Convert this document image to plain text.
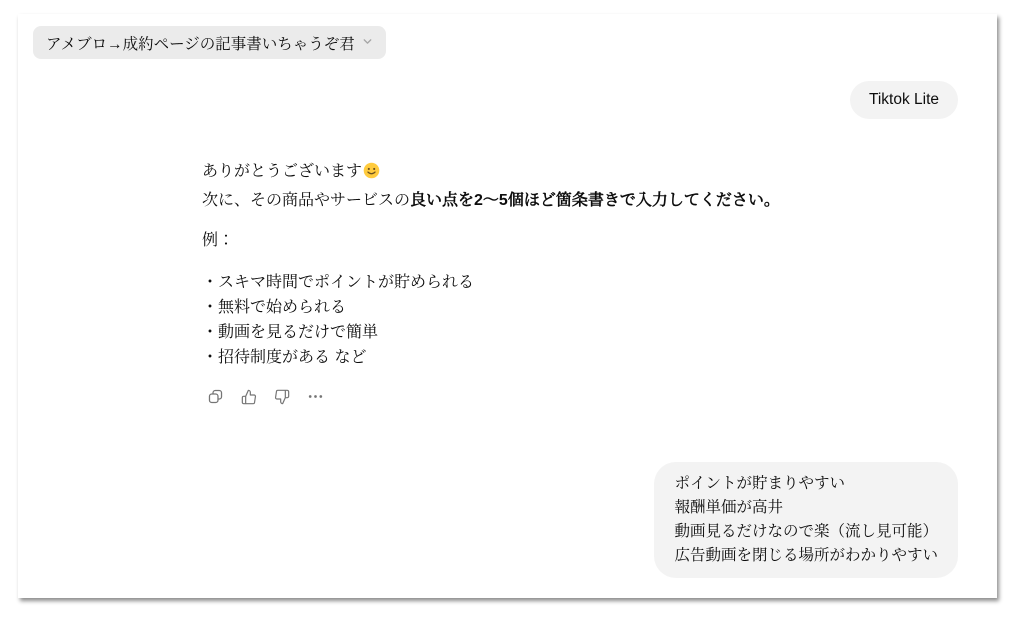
アメブロ→成約ページの記事書いちゃうぞ君
Tiktok Lite

ありがとうございます

次に、その商品やサービスの良い点を2〜5個ほど箇条書きで入力してください。

例：

・スキマ時間でポイントが貯められる
・無料で始められる
・動画を見るだけで簡単
・招待制度がある など
ポイントが貯まりやすい
報酬単価が高井
動画見るだけなので楽（流し見可能）
広告動画を閉じる場所がわかりやすい
